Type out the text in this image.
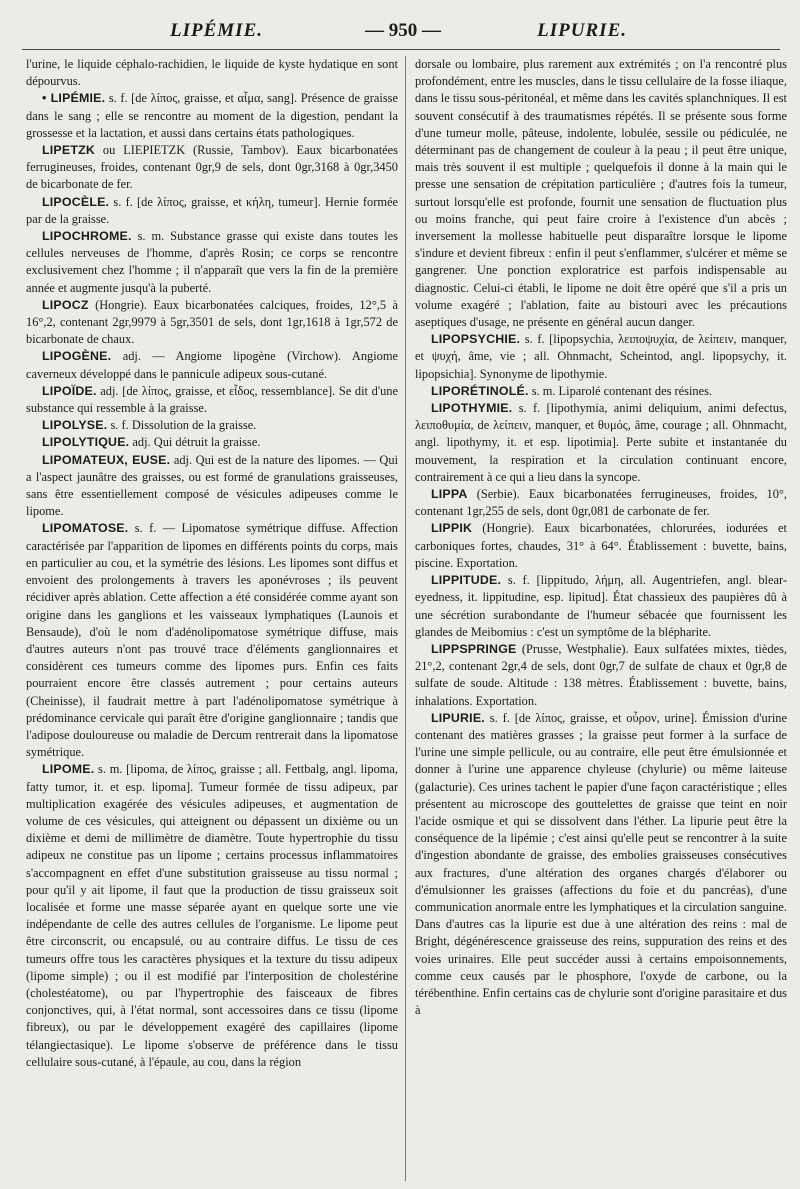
LIPÉMIE.	— 950 —	LIPURIE.

l'urine, le liquide céphalo-rachidien, le liquide de kyste hydatique en sont dépourvus.

• LIPÉMIE. s. f. [de λίπος, graisse, et αἷμα, sang]. Présence de graisse dans le sang ; elle se rencontre au moment de la digestion, pendant la grossesse et la lactation, et aussi dans certains états pathologiques.

LIPETZK ou LIEPIETZK (Russie, Tambov). Eaux bicarbonatées ferrugineuses, froides, contenant 0gr,9 de sels, dont 0gr,3168 à 0gr,3450 de bicarbonate de fer.

LIPOCÈLE. s. f. [de λίπος, graisse, et κήλη, tumeur]. Hernie formée par de la graisse.

LIPOCHROME. s. m. Substance grasse qui existe dans toutes les cellules nerveuses de l'homme, d'après Rosin; ce corps se rencontre exclusivement chez l'homme ; il n'apparaît que vers la fin de la première année et augmente jusqu'à la puberté.

LIPOCZ (Hongrie). Eaux bicarbonatées calciques, froides, 12°,5 à 16°,2, contenant 2gr,9979 à 5gr,3501 de sels, dont 1gr,1618 à 1gr,572 de bicarbonate de chaux.

LIPOGÈNE. adj. — Angiome lipogène (Virchow). Angiome caverneux développé dans le pannicule adipeux sous-cutané.

LIPOÏDE. adj. [de λίπος, graisse, et εἶδος, ressemblance]. Se dit d'une substance qui ressemble à la graisse.

LIPOLYSE. s. f. Dissolution de la graisse.

LIPOLYTIQUE. adj. Qui détruit la graisse.

LIPOMATEUX, EUSE. adj. Qui est de la nature des lipomes. — Qui a l'aspect jaunâtre des graisses, ou est formé de granulations graisseuses, sans être essentiellement composé de vésicules adipeuses comme le lipome.

LIPOMATOSE. s. f. — Lipomatose symétrique diffuse. Affection caractérisée par l'apparition de lipomes en différents points du corps, mais en particulier au cou, et la symétrie des lésions. Les lipomes sont diffus et envoient des prolongements à travers les aponévroses ; ils peuvent récidiver après ablation. Cette affection a été considérée comme ayant son origine dans les ganglions et les vaisseaux lymphatiques (Launois et Bensaude), d'où le nom d'adénolipomatose symétrique diffuse, mais d'autres auteurs n'ont pas trouvé trace d'éléments ganglionnaires et considèrent ces tumeurs comme des lipomes purs. Enfin ces faits pourraient encore être classés autrement ; pour certains auteurs (Cheinisse), il faudrait mettre à part l'adénolipomatose symétrique à prédominance cervicale qui paraît être d'origine ganglionnaire ; tandis que l'adipose douloureuse ou maladie de Dercum rentrerait dans la lipomatose symétrique.

LIPOME. s. m. [lipoma, de λίπος, graisse ; all. Fettbalg, angl. lipoma, fatty tumor, it. et esp. lipoma]. Tumeur formée de tissu adipeux, par multiplication exagérée des vésicules adipeuses, et augmentation de volume de ces vésicules, qui atteignent ou dépassent un dixième ou un dixième et demi de millimètre de diamètre. Toute hypertrophie du tissu adipeux ne constitue pas un lipome ; certains processus inflammatoires s'accompagnent en effet d'une substitution graisseuse au tissu normal ; pour qu'il y ait lipome, il faut que la production de tissu graisseux soit localisée et forme une masse séparée ayant en quelque sorte une vie indépendante de celle des autres cellules de l'organisme. Le lipome peut être circonscrit, ou encapsulé, ou au contraire diffus. Le tissu de ces tumeurs offre tous les caractères physiques et la texture du tissu adipeux (lipome simple) ; ou il est modifié par l'interposition de cholestérine (cholestéatome), ou par l'hypertrophie des faisceaux de fibres conjonctives, qui, à l'état normal, sont accessoires dans ce tissu (lipome fibreux), ou par le développement exagéré des capillaires (lipome télangiectasique). Le lipome s'observe de préférence dans le tissu cellulaire sous-cutané, à l'épaule, au cou, dans la région

dorsale ou lombaire, plus rarement aux extrémités ; on l'a rencontré plus profondément, entre les muscles, dans le tissu cellulaire de la fosse iliaque, dans le tissu sous-péritonéal, et même dans les cavités splanchniques. Il est souvent consécutif à des traumatismes répétés. Il se présente sous forme d'une tumeur molle, pâteuse, indolente, lobulée, sessile ou pédiculée, ne déterminant pas de changement de couleur à la peau ; il peut être unique, mais très souvent il est multiple ; quelquefois il donne à la main qui le presse une sensation de crépitation particulière ; d'autres fois la tumeur, surtout lorsqu'elle est profonde, fournit une sensation de fluctuation plus ou moins franche, qui peut faire croire à l'existence d'un abcès ; inversement la mollesse habituelle peut disparaître lorsque le lipome s'indure et devient fibreux : enfin il peut s'enflammer, s'ulcérer et même se gangrener. Une ponction exploratrice est parfois indispensable au diagnostic. Celui-ci établi, le lipome ne doit être opéré que s'il a pris un volume exagéré ; l'ablation, faite au bistouri avec les précautions aseptiques d'usage, ne présente en général aucun danger.

LIPOPSYCHIE. s. f. [lipopsychia, λειποψυχία, de λείπειν, manquer, et ψυχή, âme, vie ; all. Ohnmacht, Scheintod, angl. lipopsychy, it. lipopsichia]. Synonyme de lipothymie.

LIPORÉTINOLÉ. s. m. Liparolé contenant des résines.

LIPOTHYMIE. s. f. [lipothymia, animi deliquium, animi defectus, λειποθυμία, de λείπειν, manquer, et θυμός, âme, courage ; all. Ohnmacht, angl. lipothymy, it. et esp. lipotimia]. Perte subite et instantanée du mouvement, la respiration et la circulation continuant encore, contrairement à ce qui a lieu dans la syncope.

LIPPA (Serbie). Eaux bicarbonatées ferrugineuses, froides, 10°, contenant 1gr,255 de sels, dont 0gr,081 de carbonate de fer.

LIPPIK (Hongrie). Eaux bicarbonatées, chlorurées, iodurées et carboniques fortes, chaudes, 31° à 64°. Établissement : buvette, bains, piscine. Exportation.

LIPPITUDE. s. f. [lippitudo, λήμη, all. Augentriefen, angl. blear-eyedness, it. lippitudine, esp. lipitud]. État chassieux des paupières dû à une sécrétion surabondante de l'humeur sébacée que fournissent les glandes de Meibomius : c'est un symptôme de la blépharite.

LIPPSPRINGE (Prusse, Westphalie). Eaux sulfatées mixtes, tièdes, 21°,2, contenant 2gr,4 de sels, dont 0gr,7 de sulfate de chaux et 0gr,8 de sulfate de soude. Altitude : 138 mètres. Établissement : buvette, bains, inhalations. Exportation.

LIPURIE. s. f. [de λίπος, graisse, et οὖρον, urine]. Émission d'urine contenant des matières grasses ; la graisse peut former à la surface de l'urine une simple pellicule, ou au contraire, elle peut être émulsionnée et donner à l'urine une apparence chyleuse (chylurie) ou même laiteuse (galacturie). Ces urines tachent le papier d'une façon caractéristique ; elles présentent au microscope des gouttelettes de graisse que teint en noir l'acide osmique et qui se dissolvent dans l'éther. La lipurie peut être la conséquence de la lipémie ; c'est ainsi qu'elle peut se rencontrer à la suite d'ingestion abondante de graisse, des embolies graisseuses consécutives aux fractures, d'une altération des organes chargés d'élaborer ou d'émulsionner les graisses (affections du foie et du pancréas), d'une communication anormale entre les lymphatiques et la circulation sanguine. Dans d'autres cas la lipurie est due à une altération des reins : mal de Bright, dégénérescence graisseuse des reins, suppuration des reins et des voies urinaires. Elle peut succéder aussi à certains empoisonnements, comme ceux causés par le phosphore, l'oxyde de carbone, ou la térébenthine. Enfin certains cas de chylurie sont d'origine parasitaire et dus à
